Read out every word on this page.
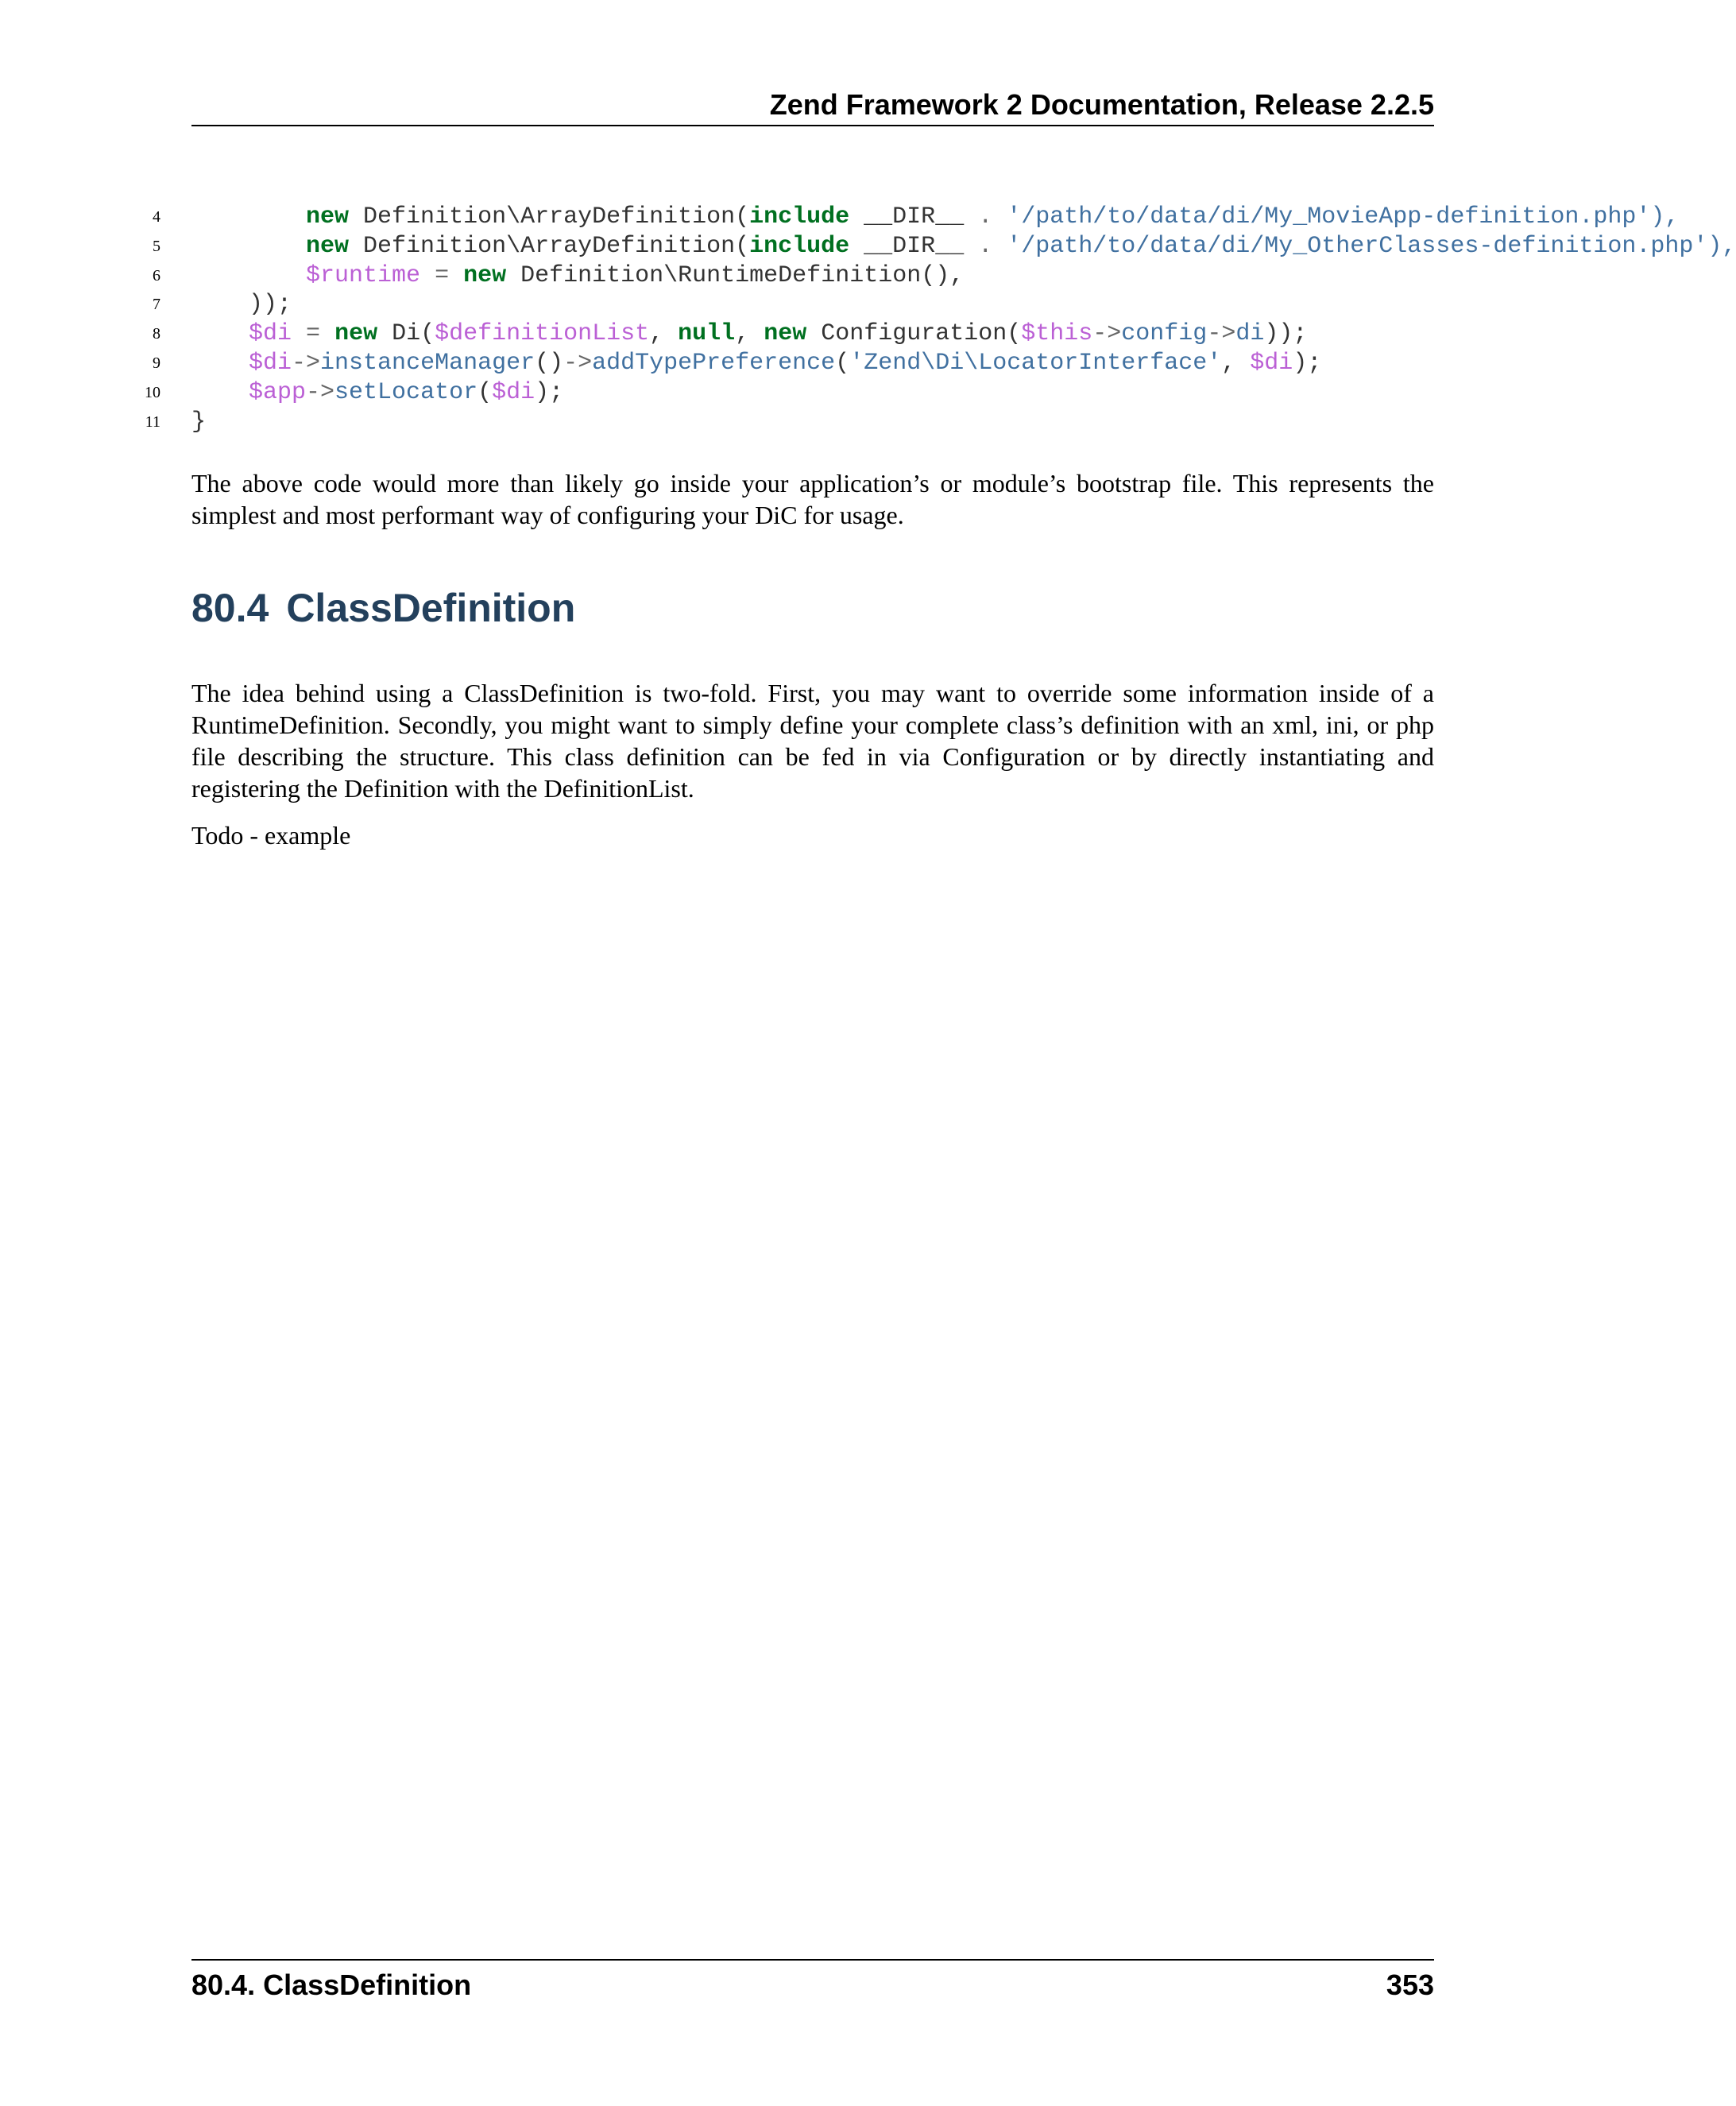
Zend Framework 2 Documentation, Release 2.2.5
4	new Definition\ArrayDefinition(include __DIR__ . '/path/to/data/di/My_MovieApp-definition.php'),
5	new Definition\ArrayDefinition(include __DIR__ . '/path/to/data/di/My_OtherClasses-definition.php'),
6	$runtime = new Definition\RuntimeDefinition(),
7 ));
8	$di = new Di($definitionList, null, new Configuration($this->config->di));
9	$di->instanceManager()->addTypePreference('Zend\Di\LocatorInterface', $di);
10	$app->setLocator($di);
11 }

The above code would more than likely go inside your application’s or module’s bootstrap file. This represents the simplest and most performant way of configuring your DiC for usage.

80.4 ClassDefinition

The idea behind using a ClassDefinition is two-fold. First, you may want to override some information inside of a RuntimeDefinition. Secondly, you might want to simply define your complete class’s definition with an xml, ini, or php file describing the structure. This class definition can be fed in via Configuration or by directly instantiating and registering the Definition with the DefinitionList.

Todo - example

80.4. ClassDefinition	353
